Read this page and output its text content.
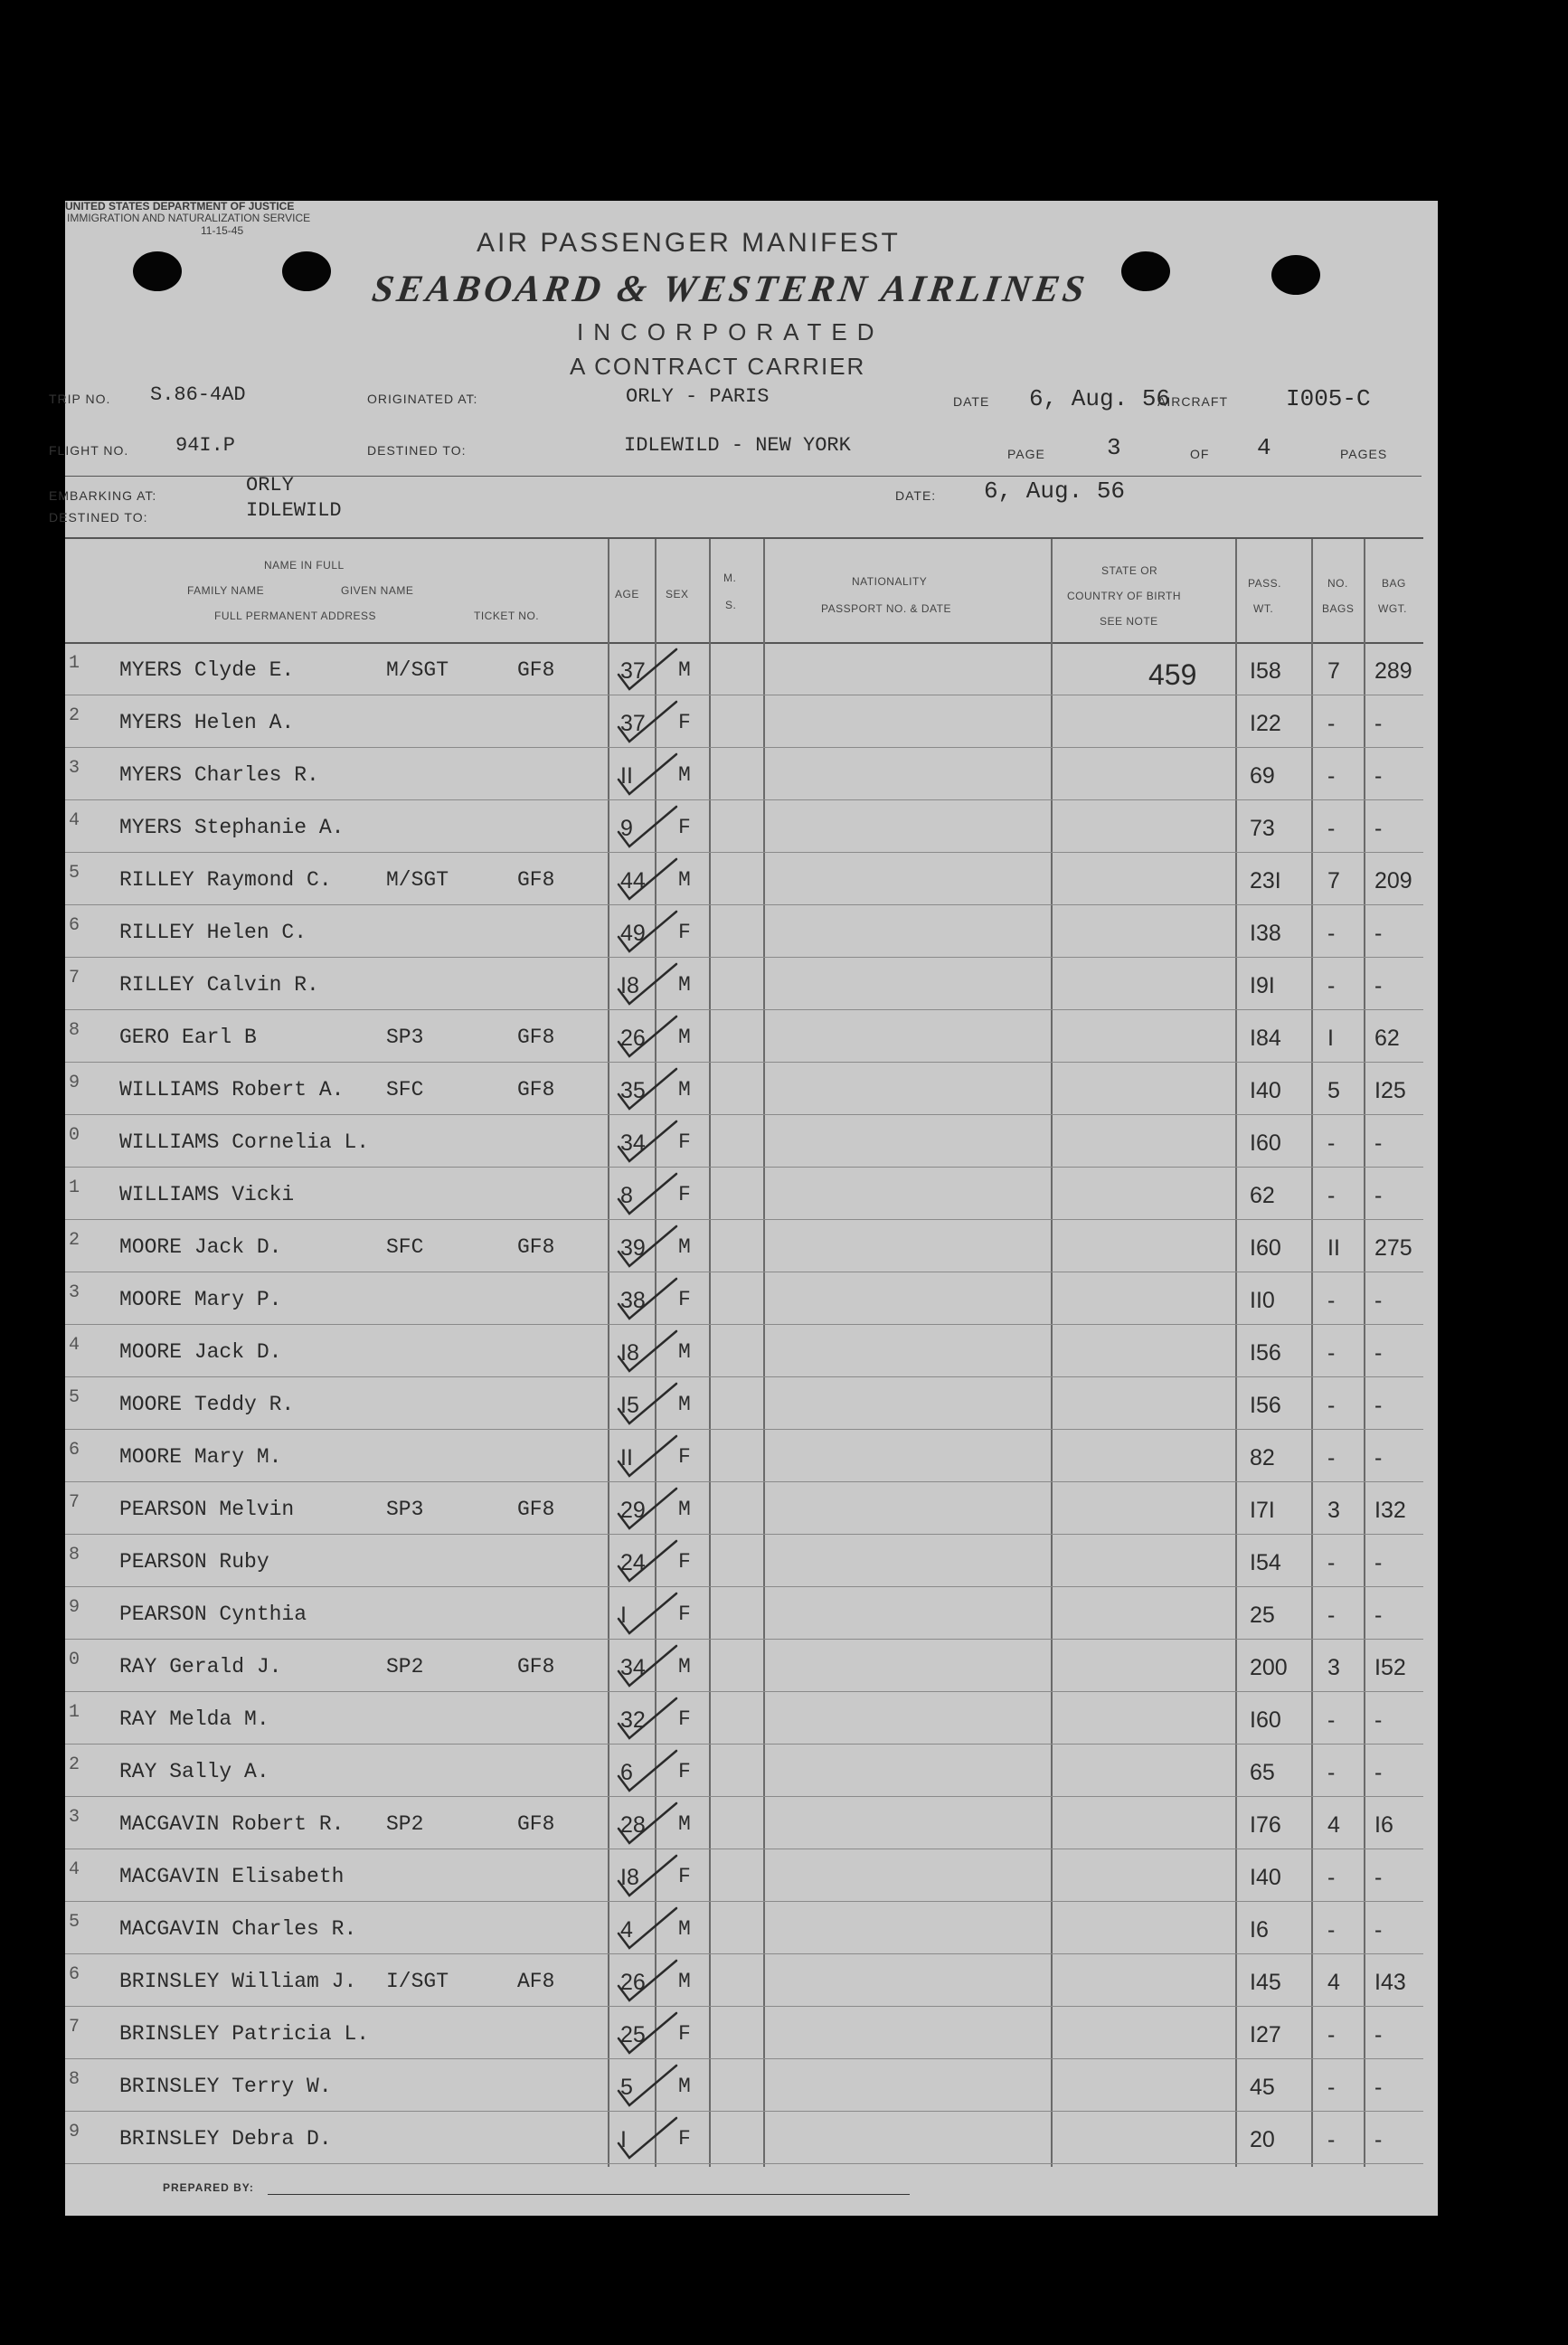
UNITED STATES DEPARTMENT OF JUSTICE
IMMIGRATION AND NATURALIZATION SERVICE
11-15-45	AIR PASSENGER MANIFEST
SEABOARD & WESTERN AIRLINES
INCORPORATED
A CONTRACT CARRIER
TRIP NO. S.86-4AD	ORIGINATED AT:	ORLY - PARIS	DATE 6, Aug. 56
AIRCRAFT I005-C
FLIGHT NO. 94I.P	DESTINED TO:	IDLEWILD - NEW YORK	PAGE	3	OF 4	PAGES
EMBARKING AT:	ORLY
DESTINED TO:	IDLEWILD
DATE: 6, Aug. 56
NAME IN FULL
FAMILY NAME	GIVEN NAME
FULL PERMANENT ADDRESS	TICKET NO.
AGE SEX
M.
S.
NATIONALITY
PASSPORT NO. & DATE
STATE OR
COUNTRY OF BIRTH
SEE NOTE
PASS.
WT.
NO.
BAGS
BAG
WGT.
1 MYERS Clyde E.	M/SGT	GF8	37 M	459 I58 7 289
2 MYERS Helen A.	37 F	I22 - -
3 MYERS Charles R.	II M	69 - -
4 MYERS Stephanie A.	9 F	73 - -
5 RILLEY Raymond C.	M/SGT	GF8	44 M	23I 7 209
6 RILLEY Helen C.	49 F	I38 - -
7 RILLEY Calvin R.	I8 M	I9I - -
8 GERO Earl B	SP3	GF8	26 M	I84 I 62
9 WILLIAMS Robert A. SFC	GF8	35 M	I40 5 I25
0 WILLIAMS Cornelia L.	34 F	I60 - -
1 WILLIAMS Vicki	8 F	62 - -
2 MOORE Jack D.	SFC	GF8	39 M	I60 II 275
3 MOORE Mary P.	38 F	II0 - -
4 MOORE Jack D.	I8 M	I56 - -
5 MOORE Teddy R.	I5 M	I56 - -
6 MOORE Mary M.	II F	82 - -
7 PEARSON Melvin	SP3	GF8	29 M	I7I 3 I32
8 PEARSON Ruby	24 F	I54 - -
9 PEARSON Cynthia	I F	25 - -
0 RAY Gerald J.	SP2	GF8	34 M	200 3 I52
1 RAY Melda M.	32 F	I60 - -
2 RAY Sally A.	6 F	65 - -
3 MACGAVIN Robert R. SP2	GF8	28 M	I76 4 I6
4 MACGAVIN Elisabeth	I8 F	I40 - -
5 MACGAVIN Charles R.	4 M	I6	- -
6 BRINSLEY William J. I/SGT	AF8	26 M	I45 4 I43
7 BRINSLEY Patricia L.	25 F	I27 - -
8 BRINSLEY Terry W.	5 M	45 - -
9 BRINSLEY Debra D.	I F	20 - -
PREPARED BY:
